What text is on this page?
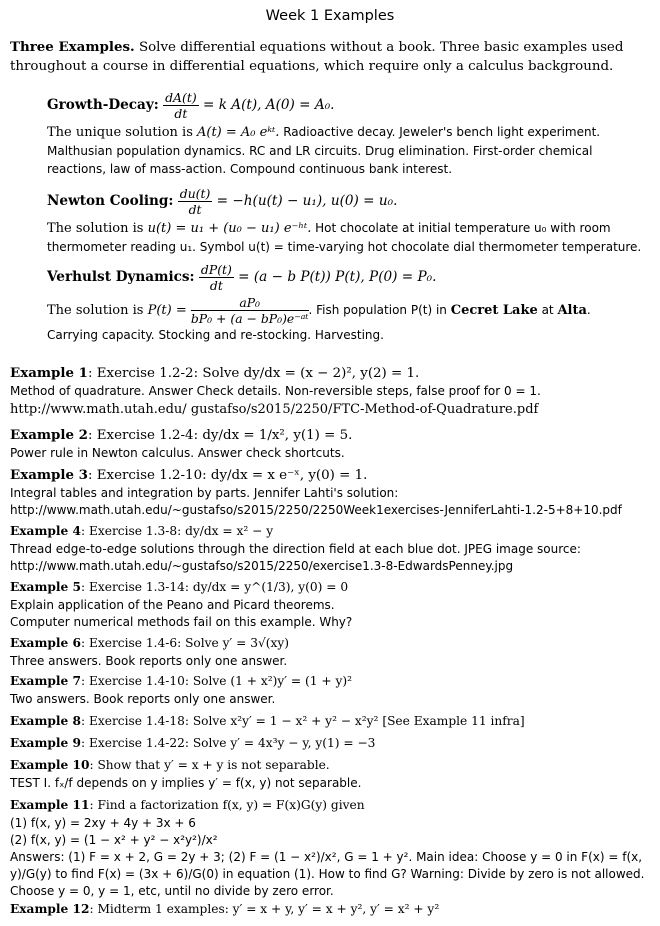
Week 1 Examples
Three Examples. Solve differential equations without a book. Three basic examples used throughout a course in differential equations, which require only a calculus background.
Growth-Decay: $\frac{dA(t)}{dt} = k$ A(t), A(0) = A₀.
The unique solution is A(t) = A₀ eᵏᵗ. Radioactive decay. Jeweler's bench light experiment.
Malthusian population dynamics. RC and LR circuits. Drug elimination. First-order chemical reactions, law of mass-action. Compound continuous bank interest.
Newton Cooling: $\frac{du(t)}{dt} = -h(u(t) - u_1)$, u(0) = u₀.
The solution is u(t) = u₁ + (u₀ − u₁) e⁻ʰᵗ. Hot chocolate at initial temperature u₀ with room
thermometer reading u₁. Symbol u(t) = time-varying hot chocolate dial thermometer temperature.
Verhulst Dynamics: $\frac{dP(t)}{dt} = (a - b$ P(t)) P(t), P(0) = P₀.
The solution is $P(t) = \frac{\text{aP₀}}{\text{bP₀ + (a − bP₀)e⁻ᵃᵗ}}$ . Fish population P(t) in Cecret Lake at Alta.
Carrying capacity. Stocking and re-stocking. Harvesting.
Example 1: Exercise 1.2-2: Solve dy/dx = (x − 2)², y(2) = 1.
Method of quadrature. Answer Check details. Non-reversible steps, false proof for 0 = 1.
http://www.math.utah.edu/ gustafso/s2015/2250/FTC-Method-of-Quadrature.pdf
Example 2: Exercise 1.2-4: dy/dx = 1/x², y(1) = 5.
Power rule in Newton calculus. Answer check shortcuts.
Example 3: Exercise 1.2-10: dy/dx = x e⁻ˣ, y(0) = 1.
Integral tables and integration by parts. Jennifer Lahti's solution:
http://www.math.utah.edu/~gustafso/s2015/2250/2250Week1exercises-JenniferLahti-1.2-5+8+10.pdf
Example 4: Exercise 1.3-8: dy/dx = x² − y
Thread edge-to-edge solutions through the direction field at each blue dot. JPEG image source:
http://www.math.utah.edu/~gustafso/s2015/2250/exercise1.3-8-EdwardsPenney.jpg
Example 5: Exercise 1.3-14: dy/dx = y^(1/3), y(0) = 0
Explain application of the Peano and Picard theorems.
Computer numerical methods fail on this example. Why?
Example 6: Exercise 1.4-6: Solve y′ = 3√(xy)
Three answers. Book reports only one answer.
Example 7: Exercise 1.4-10: Solve (1 + x²)y′ = (1 + y)²
Two answers. Book reports only one answer.
Example 8: Exercise 1.4-18: Solve x²y′ = 1 − x² + y² − x²y² [See Example 11 infra]
Example 9: Exercise 1.4-22: Solve y′ = 4x³y − y, y(1) = −3
Example 10: Show that y′ = x + y is not separable.
TEST I. fₓ/f depends on y implies y′ = f(x, y) not separable.
Example 11: Find a factorization f(x, y) = F(x)G(y) given
(1) f(x, y) = 2xy + 4y + 3x + 6
(2) f(x, y) = (1 − x² + y² − x²y²)/x²
Answers: (1) F = x + 2, G = 2y + 3; (2) F = (1 − x²)/x², G = 1 + y². Main idea: Choose y = 0 in F(x) = f(x, y)/G(y) to find F(x) = (3x + 6)/G(0) in equation (1). How to find G? Warning: Divide by zero is not allowed. Choose y = 0, y = 1, etc, until no divide by zero error.
Example 12: Midterm 1 examples: y′ = x + y, y′ = x + y², y′ = x² + y²
